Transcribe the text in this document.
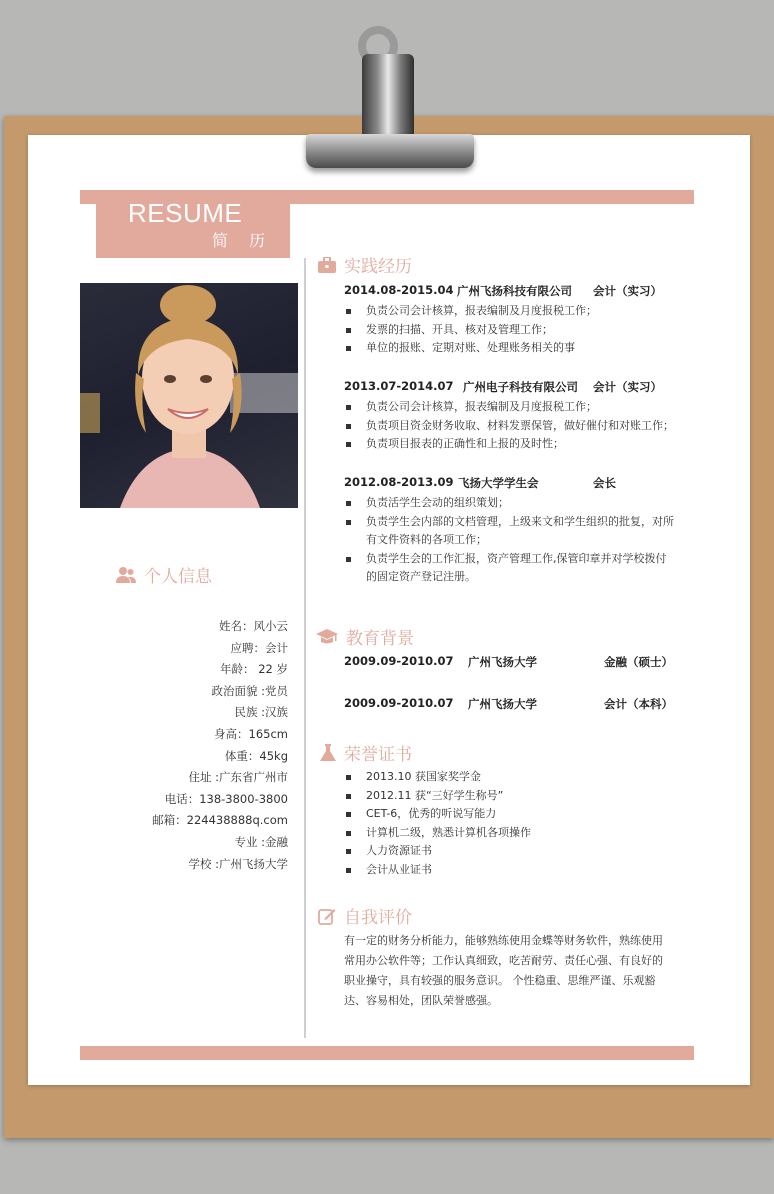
RESUME
简 历
个人信息
姓名：风小云
应聘：会计
年龄： 22 岁
政治面貌 :党员
民族 :汉族
身高：165cm
体重：45kg
住址 :广东省广州市
电话：138-3800-3800
邮箱：224438888q.com
专业 :金融
学校 :广州飞扬大学
实践经历
2014.08-2015.04 广州飞扬科技有限公司 会计（实习）
负责公司会计核算，报表编制及月度报税工作；
发票的扫描、开具、核对及管理工作；
单位的报账、定期对账、处理账务相关的事
2013.07-2014.07 广州电子科技有限公司 会计（实习）
负责公司会计核算，报表编制及月度报税工作；
负责项目资金财务收取、材料发票保管，做好催付和对账工作；
负责项目报表的正确性和上报的及时性；
2012.08-2013.09 飞扬大学学生会	会长
负责活学生会动的组织策划；
负责学生会内部的文档管理，上级来文和学生组织的批复，对所有文件资料的各项工作；
负责学生会的工作汇报，资产管理工作,保管印章并对学校拨付的固定资产登记注册。
教育背景
2009.09-2010.07 广州飞扬大学	金融（硕士）
2009.09-2010.07 广州飞扬大学	会计（本科）
荣誉证书
2013.10 获国家奖学金
2012.11 获“三好学生称号”
CET-6，优秀的听说写能力
计算机二级，熟悉计算机各项操作
人力资源证书
会计从业证书
自我评价
有一定的财务分析能力，能够熟练使用金蝶等财务软件，熟练使用常用办公软件等；工作认真细致，吃苦耐劳、责任心强、有良好的职业操守，具有较强的服务意识。 个性稳重、思维严谨、乐观豁达、容易相处，团队荣誉感强。
